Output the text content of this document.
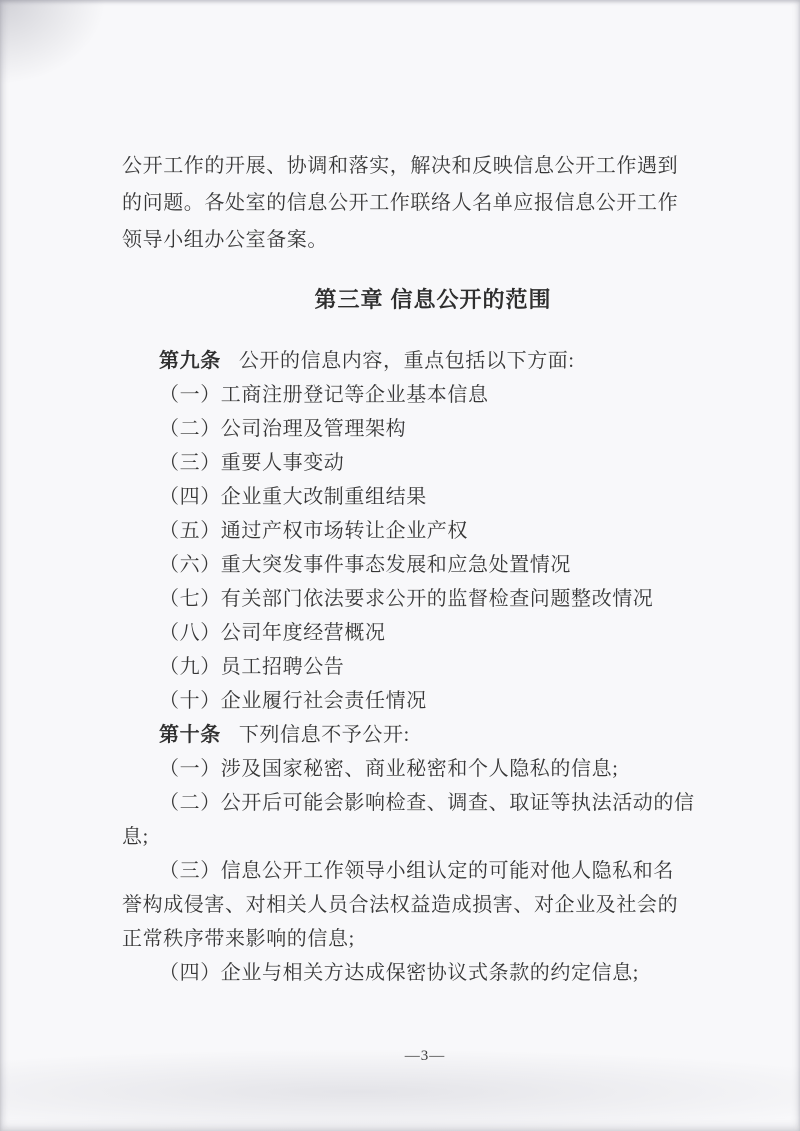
公开工作的开展、协调和落实，解决和反映信息公开工作遇到
的问题。各处室的信息公开工作联络人名单应报信息公开工作
领导小组办公室备案。
第三章 信息公开的范围
第九条 公开的信息内容，重点包括以下方面:
（一）工商注册登记等企业基本信息
（二）公司治理及管理架构
（三）重要人事变动
（四）企业重大改制重组结果
（五）通过产权市场转让企业产权
（六）重大突发事件事态发展和应急处置情况
（七）有关部门依法要求公开的监督检查问题整改情况
（八）公司年度经营概况
（九）员工招聘公告
（十）企业履行社会责任情况
第十条 下列信息不予公开:
（一）涉及国家秘密、商业秘密和个人隐私的信息;
（二）公开后可能会影响检查、调查、取证等执法活动的信
息;
（三）信息公开工作领导小组认定的可能对他人隐私和名
誉构成侵害、对相关人员合法权益造成损害、对企业及社会的
正常秩序带来影响的信息;
（四）企业与相关方达成保密协议式条款的约定信息;
—3—
